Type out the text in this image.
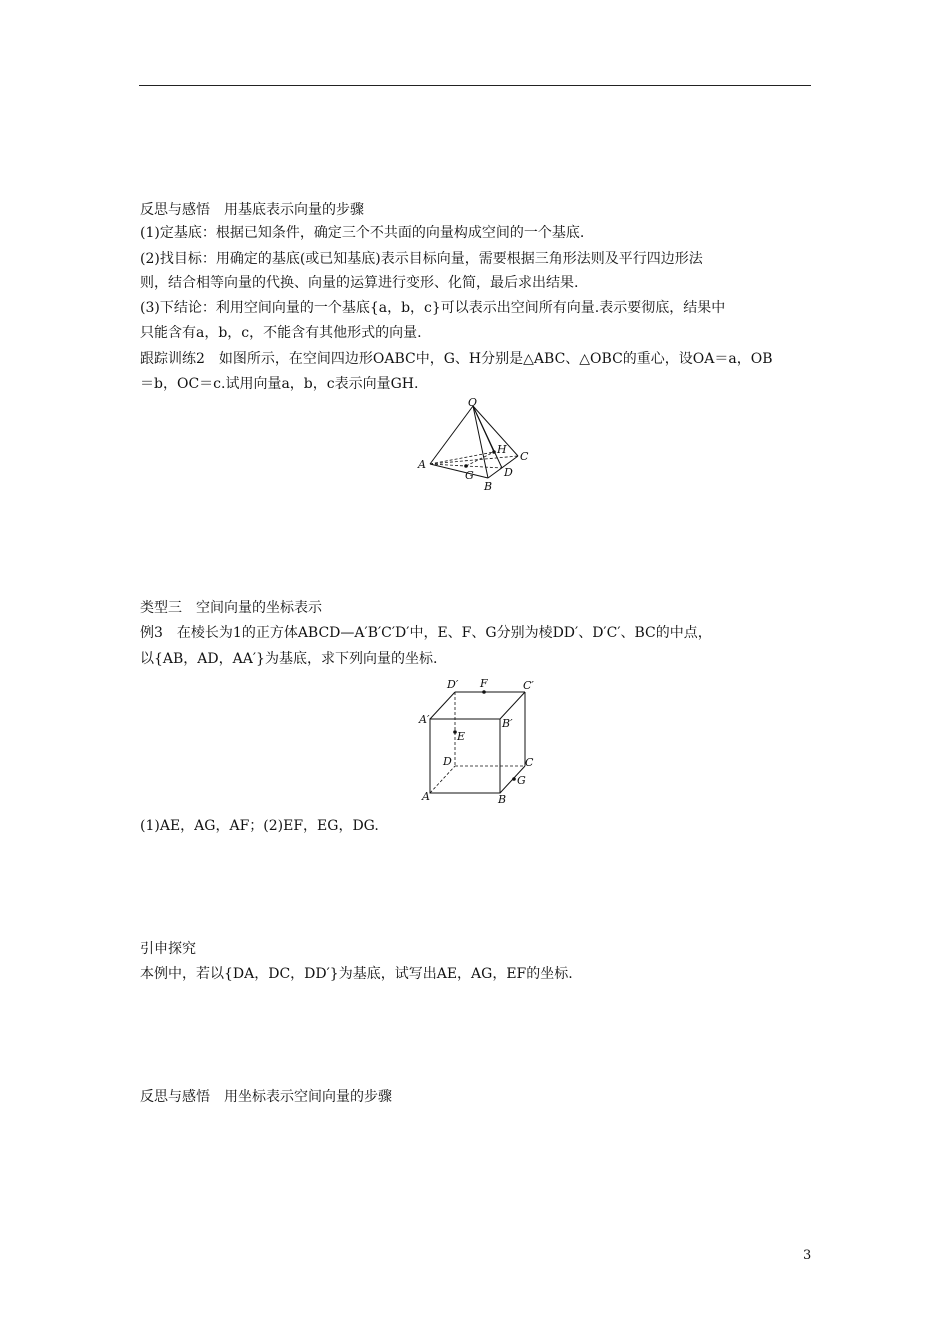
反思与感悟　用基底表示向量的步骤
(1)定基底：根据已知条件，确定三个不共面的向量构成空间的一个基底.
(2)找目标：用确定的基底(或已知基底)表示目标向量，需要根据三角形法则及平行四边形法
则，结合相等向量的代换、向量的运算进行变形、化简，最后求出结果.
(3)下结论：利用空间向量的一个基底{a，b，c}可以表示出空间所有向量.表示要彻底，结果中
只能含有a，b，c，不能含有其他形式的向量.
跟踪训练2　如图所示，在空间四边形OABC中，G、H分别是△ABC、△OBC的重心，设OA＝a，OB
＝b，OC＝c.试用向量a，b，c表示向量GH.
O
A
B
C
D
G
H
类型三　空间向量的坐标表示
例3　在棱长为1的正方体ABCD—A′B′C′D′中，E、F、G分别为棱DD′、D′C′、BC的中点，
以{AB，AD，AA′}为基底，求下列向量的坐标.
D′ F	C′
A′	B′
E
D	C
G
A	B
(1)AE，AG，AF；(2)EF，EG，DG.
引申探究
本例中，若以{DA，DC，DD′}为基底，试写出AE，AG，EF的坐标.
反思与感悟　用坐标表示空间向量的步骤
3
